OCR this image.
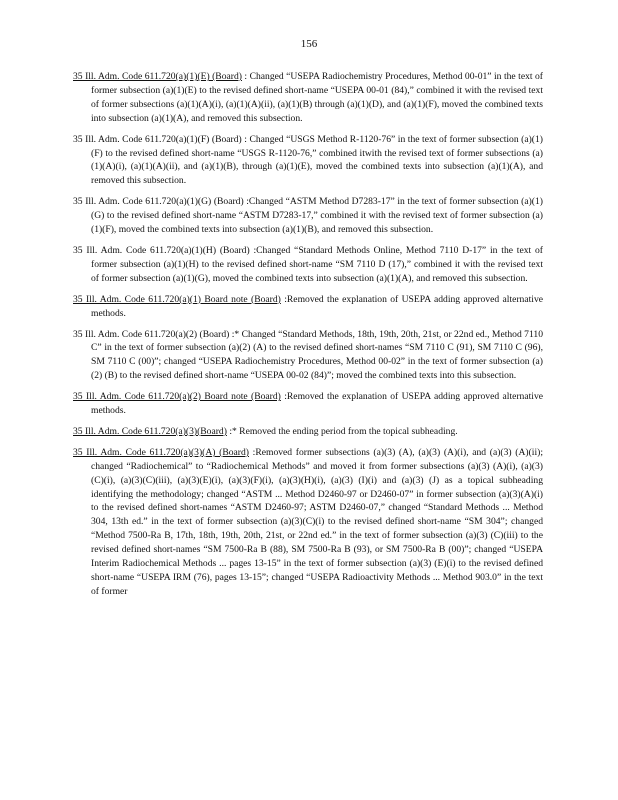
156

35 Ill. Adm. Code 611.720(a)(1)(E) (Board) : Changed “USEPA Radiochemistry Procedures, Method 00-01” in the text of former subsection (a)(1)(E) to the revised defined short-name “USEPA 00-01 (84),” combined it with the revised text of former subsections (a)(1)(A)(i), (a)(1)(A)(ii), (a)(1)(B) through (a)(1)(D), and (a)(1)(F), moved the combined texts into subsection (a)(1)(A), and removed this subsection.

35 Ill. Adm. Code 611.720(a)(1)(F) (Board) : Changed “USGS Method R-1120-76” in the text of former subsection (a)(1)(F) to the revised defined short-name “USGS R-1120-76,” combined itwith the revised text of former subsections (a)(1)(A)(i), (a)(1)(A)(ii), and (a)(1)(B), through (a)(1)(E), moved the combined texts into subsection (a)(1)(A), and removed this subsection.

35 Ill. Adm. Code 611.720(a)(1)(G) (Board) :Changed “ASTM Method D7283-17” in the text of former subsection (a)(1)(G) to the revised defined short-name “ASTM D7283-17,” combined it with the revised text of former subsection (a)(1)(F), moved the combined texts into subsection (a)(1)(B), and removed this subsection.

35 Ill. Adm. Code 611.720(a)(1)(H) (Board) :Changed “Standard Methods Online, Method 7110 D-17” in the text of former subsection (a)(1)(H) to the revised defined short-name “SM 7110 D (17),” combined it with the revised text of former subsection (a)(1)(G), moved the combined texts into subsection (a)(1)(A), and removed this subsection.

35 Ill. Adm. Code 611.720(a)(1) Board note (Board) :Removed the explanation of USEPA adding approved alternative methods.

35 Ill. Adm. Code 611.720(a)(2) (Board) :* Changed “Standard Methods, 18th, 19th, 20th, 21st, or 22nd ed., Method 7110 C” in the text of former subsection (a)(2) (A) to the revised defined short-names “SM 7110 C (91), SM 7110 C (96), SM 7110 C (00)”; changed “USEPA Radiochemistry Procedures, Method 00-02” in the text of former subsection (a)(2) (B) to the revised defined short-name “USEPA 00-02 (84)”; moved the combined texts into this subsection.

35 Ill. Adm. Code 611.720(a)(2) Board note (Board) :Removed the explanation of USEPA adding approved alternative methods.

35 Ill. Adm. Code 611.720(a)(3)(Board) :* Removed the ending period from the topical subheading.

35 Ill. Adm. Code 611.720(a)(3)(A) (Board) :Removed former subsections (a)(3) (A), (a)(3) (A)(i), and (a)(3) (A)(ii); changed “Radiochemical” to “Radiochemical Methods” and moved it from former subsections (a)(3) (A)(i), (a)(3) (C)(i), (a)(3)(C)(iii), (a)(3)(E)(i), (a)(3)(F)(i), (a)(3)(H)(i), (a)(3) (I)(i) and (a)(3) (J) as a topical subheading identifying the methodology; changed “ASTM ... Method D2460-97 or D2460-07” in former subsection (a)(3)(A)(i) to the revised defined short-names “ASTM D2460-97; ASTM D2460-07,” changed “Standard Methods ... Method 304, 13th ed.” in the text of former subsection (a)(3)(C)(i) to the revised defined short-name “SM 304”; changed “Method 7500-Ra B, 17th, 18th, 19th, 20th, 21st, or 22nd ed.” in the text of former subsection (a)(3) (C)(iii) to the revised defined short-names “SM 7500-Ra B (88), SM 7500-Ra B (93), or SM 7500-Ra B (00)”; changed “USEPA Interim Radiochemical Methods ... pages 13-15” in the text of former subsection (a)(3) (E)(i) to the revised defined short-name “USEPA IRM (76), pages 13-15”; changed “USEPA Radioactivity Methods ... Method 903.0” in the text of former
